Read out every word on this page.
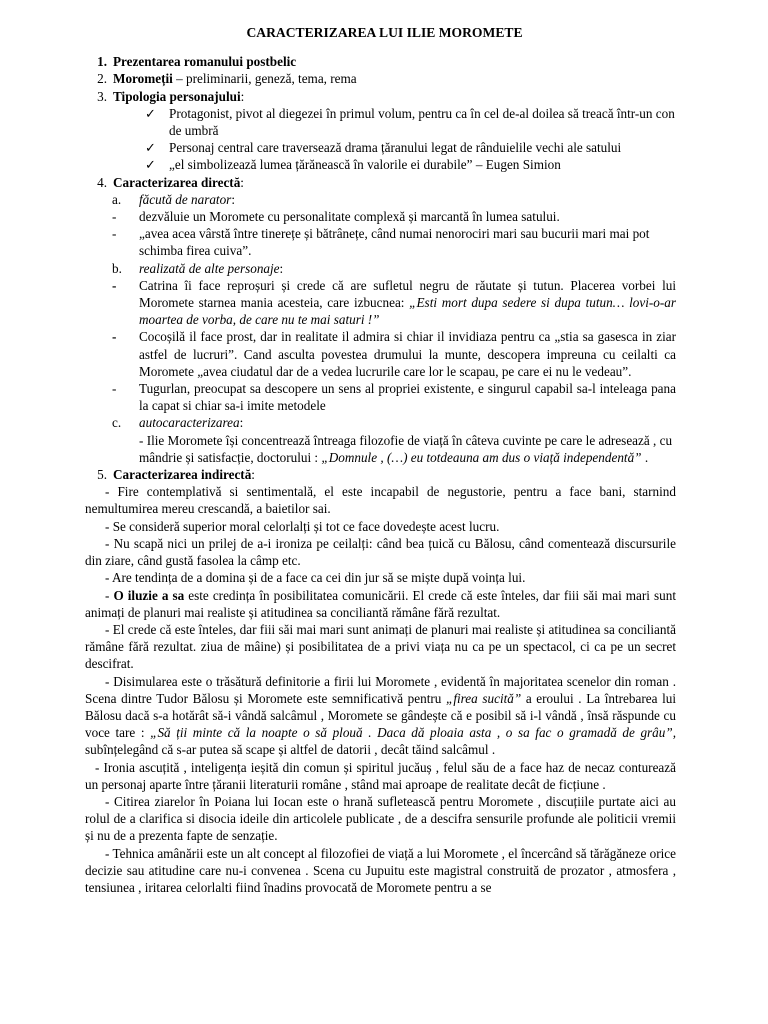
CARACTERIZAREA LUI ILIE MOROMETE
1. Prezentarea romanului postbelic
2. Moromeții – preliminarii, geneză, tema, rema
3. Tipologia personajului:
✓ Protagonist, pivot al diegezei în primul volum, pentru ca în cel de-al doilea să treacă într-un con de umbră
✓ Personaj central care traversează drama țăranului legat de rânduielile vechi ale satului
✓ „el simbolizează lumea țărănească în valorile ei durabile” – Eugen Simion
4. Caracterizarea directă:
a.	făcută de narator:
-	dezvăluie un Moromete cu personalitate complexă și marcantă în lumea satului.
-	„avea acea vârstă între tinerețe și bătrânețe, când numai nenorociri mari sau bucurii mari mai pot schimba firea cuiva”.
b.	realizată de alte personaje:
-	Catrina îi face reproșuri și crede că are sufletul negru de răutate și tutun. Placerea vorbei lui Moromete starnea mania acesteia, care izbucnea: „Esti mort dupa sedere si dupa tutun… lovi-o-ar moartea de vorba, de care nu te mai saturi !”
-	Cocoșilă il face prost, dar in realitate il admira si chiar il invidiaza pentru ca „stia sa gasesca in ziar astfel de lucruri”. Cand asculta povestea drumului la munte, descopera impreuna cu ceilalti ca Moromete „avea ciudatul dar de a vedea lucrurile care lor le scapau, pe care ei nu le vedeau”.
-	Tugurlan, preocupat sa descopere un sens al propriei existente, e singurul capabil sa-l inteleaga pana la capat si chiar sa-i imite metodele
c.	autocaracterizarea:
- Ilie Moromete își concentrează întreaga filozofie de viață în câteva cuvinte pe care le adresează , cu mândrie și satisfacție, doctorului : „Domnule , (…) eu totdeauna am dus o viață independentă” .
5. Caracterizarea indirectă:

- Fire contemplativă si sentimentală, el este incapabil de negustorie, pentru a face bani, starnind nemultumirea mereu crescandă, a baietilor sai.

- Se consideră superior moral celorlalți și tot ce face dovedește acest lucru.

- Nu scapă nici un prilej de a-i ironiza pe ceilalți: când bea țuică cu Bălosu, când comentează discursurile din ziare, când gustă fasolea la câmp etc.

- Are tendința de a domina și de a face ca cei din jur să se miște după voința lui.

- O iluzie a sa este credința în posibilitatea comunicării. El crede că este înteles, dar fiii săi mai mari sunt animați de planuri mai realiste și atitudinea sa conciliantă rămâne fără rezultat.

- El crede că este înteles, dar fiii săi mai mari sunt animați de planuri mai realiste și atitudinea sa conciliantă rămâne fără rezultat. ziua de mâine) și posibilitatea de a privi viața nu ca pe un spectacol, ci ca pe un secret descifrat.

- Disimularea este o trăsătură definitorie a firii lui Moromete , evidentă în majoritatea scenelor din roman . Scena dintre Tudor Bălosu și Moromete este semnificativă pentru „firea sucită” a eroului . La întrebarea lui Bălosu dacă s-a hotărât să-i vândă salcâmul , Moromete se gândește că e posibil să i-l vândă , însă răspunde cu voce tare : „Să ții minte că la noapte o să plouă . Daca dă ploaia asta , o sa fac o gramadă de grâu”, subînțelegând că s-ar putea să scape și altfel de datorii , decât tăind salcâmul .

- Ironia ascuțită , inteligența ieșită din comun și spiritul jucăuș , felul său de a face haz de necaz conturează un personaj aparte între țăranii literaturii române , stând mai aproape de realitate decât de ficțiune .

- Citirea ziarelor în Poiana lui Iocan este o hrană sufletească pentru Moromete , discuțiile purtate aici au rolul de a clarifica si disocia ideile din articolele publicate , de a descifra sensurile profunde ale politicii vremii și nu de a prezenta fapte de senzație.

- Tehnica amânării este un alt concept al filozofiei de viață a lui Moromete , el încercând să tărăgăneze orice decizie sau atitudine care nu-i convenea . Scena cu Jupuitu este magistral construită de prozator , atmosfera , tensiunea , iritarea celorlalti fiind înadins provocată de Moromete pentru a se
